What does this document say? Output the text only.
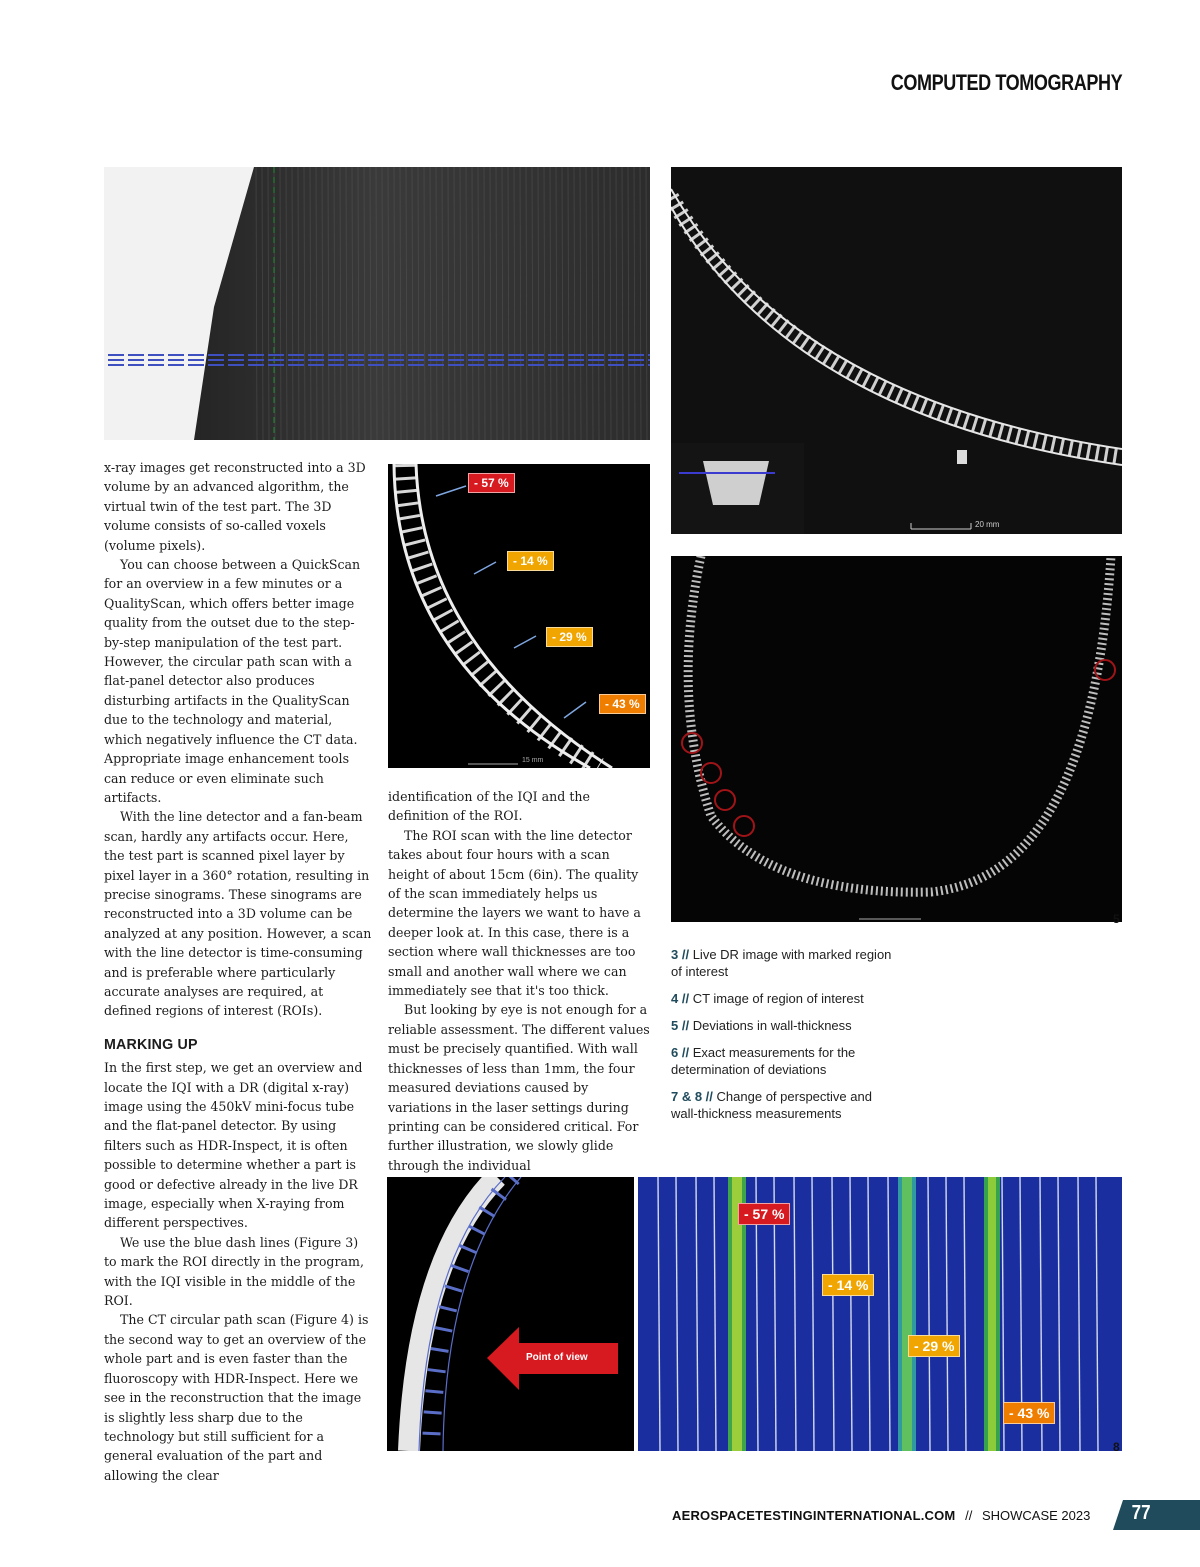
COMPUTED TOMOGRAPHY
20 mm
5

x-ray images get reconstructed into a 3D volume by an advanced algorithm, the virtual twin of the test part. The 3D volume consists of so-called voxels (volume pixels).

You can choose between a QuickScan for an overview in a few minutes or a QualityScan, which offers better image quality from the outset due to the step-by-step manipulation of the test part. However, the circular path scan with a flat-panel detector also produces disturbing artifacts in the QualityScan due to the technology and material, which negatively influence the CT data. Appropriate image enhancement tools can reduce or even eliminate such artifacts.

With the line detector and a fan-beam scan, hardly any artifacts occur. Here, the test part is scanned pixel layer by pixel layer in a 360° rotation, resulting in precise sinograms. These sinograms are reconstructed into a 3D volume can be analyzed at any position. However, a scan with the line detector is time-consuming and is preferable where particularly accurate analyses are required, at defined regions of interest (ROIs).

MARKING UP

In the first step, we get an overview and locate the IQI with a DR (digital x-ray) image using the 450kV mini-focus tube and the flat-panel detector. By using filters such as HDR-Inspect, it is often possible to determine whether a part is good or defective already in the live DR image, especially when X-raying from different perspectives.

We use the blue dash lines (Figure 3) to mark the ROI directly in the program, with the IQI visible in the middle of the ROI.

The CT circular path scan (Figure 4) is the second way to get an overview of the whole part and is even faster than the fluoroscopy with HDR-Inspect. Here we see in the reconstruction that the image is slightly less sharp due to the technology but still sufficient for a general evaluation of the part and allowing the clear

- 57 %
- 14 %
- 29 %
- 43 %
15 mm

identification of the IQI and the definition of the ROI.

The ROI scan with the line detector takes about four hours with a scan height of about 15cm (6in). The quality of the scan immediately helps us determine the layers we want to have a deeper look at. In this case, there is a section where wall thicknesses are too small and another wall where we can immediately see that it's too thick.

But looking by eye is not enough for a reliable assessment. The different values must be precisely quantified. With wall thicknesses of less than 1mm, the four measured deviations caused by variations in the laser settings during printing can be considered critical. For further illustration, we slowly glide through the individual

3 // Live DR image with marked region of interest
4 // CT image of region of interest
5 // Deviations in wall-thickness
6 // Exact measurements for the determination of deviations
7 & 8 // Change of perspective and wall-thickness measurements
Point of view
- 57 %
- 14 %
- 29 %
- 43 %
8
AEROSPACETESTINGINTERNATIONAL.COM // SHOWCASE 2023 77
